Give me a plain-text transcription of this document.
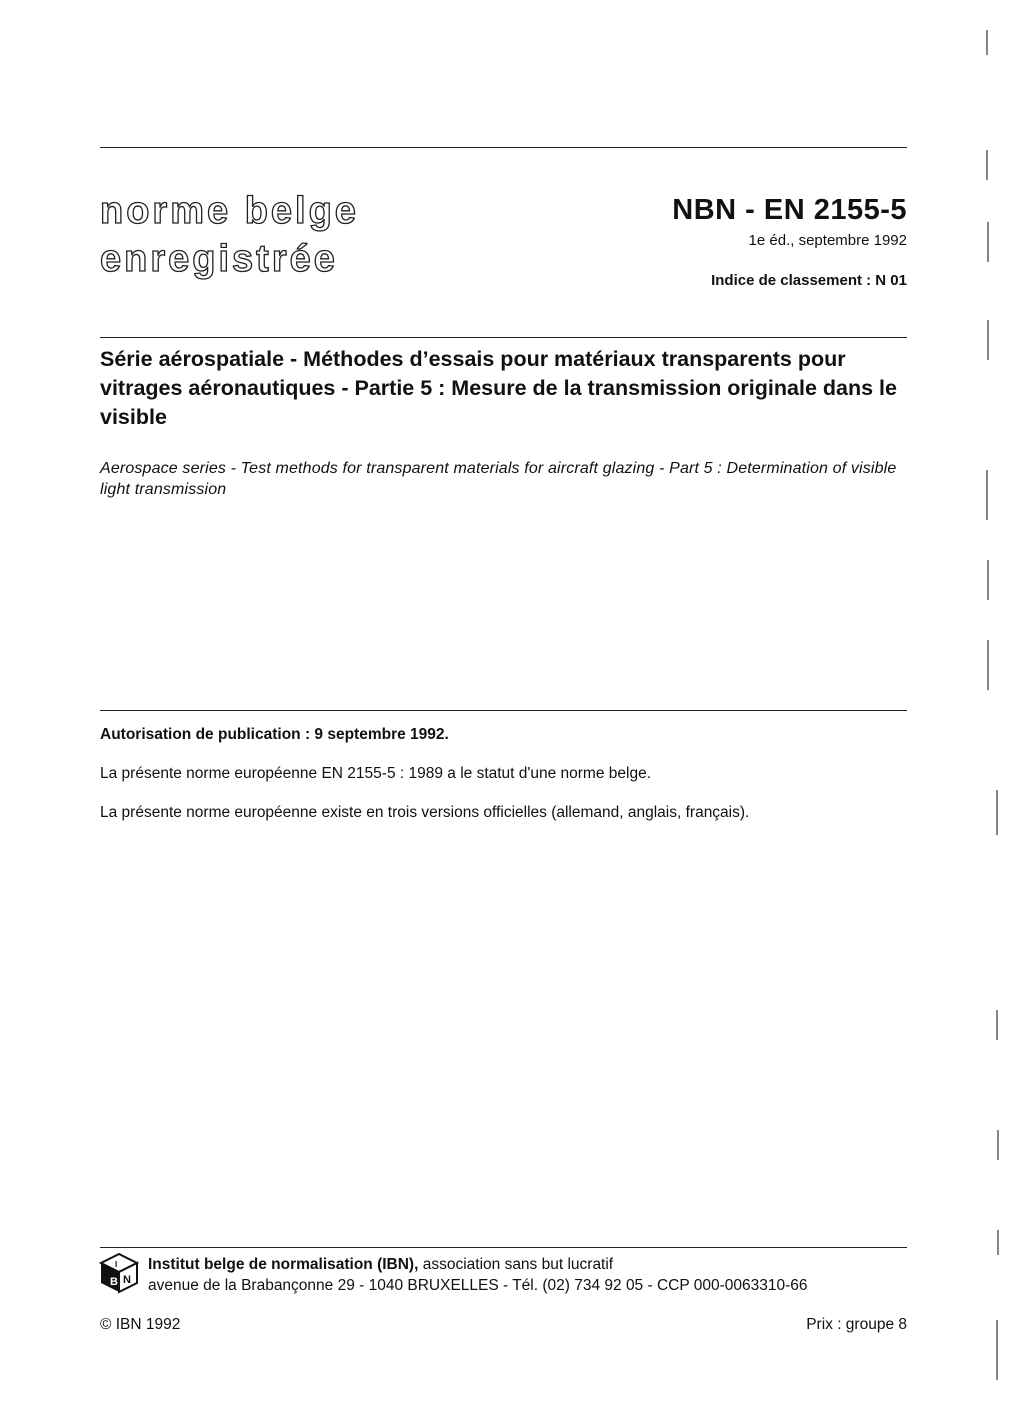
norme belge
enregistrée
NBN - EN 2155-5
1e éd., septembre 1992
Indice de classement : N 01
Série aérospatiale - Méthodes d’essais pour matériaux transparents pour vitrages aéronautiques - Partie 5 : Mesure de la transmission originale dans le visible
Aerospace series - Test methods for transparent materials for aircraft glazing - Part 5 : Determination of visible light transmission
Autorisation de publication : 9 septembre 1992.
La présente norme européenne EN 2155-5 : 1989 a le statut d'une norme belge.
La présente norme européenne existe en trois versions officielles (allemand, anglais, français).
B N
I Institut belge de normalisation (IBN), association sans but lucratif
avenue de la Brabançonne 29 - 1040 BRUXELLES - Tél. (02) 734 92 05 - CCP 000-0063310-66
© IBN 1992	Prix : groupe 8
